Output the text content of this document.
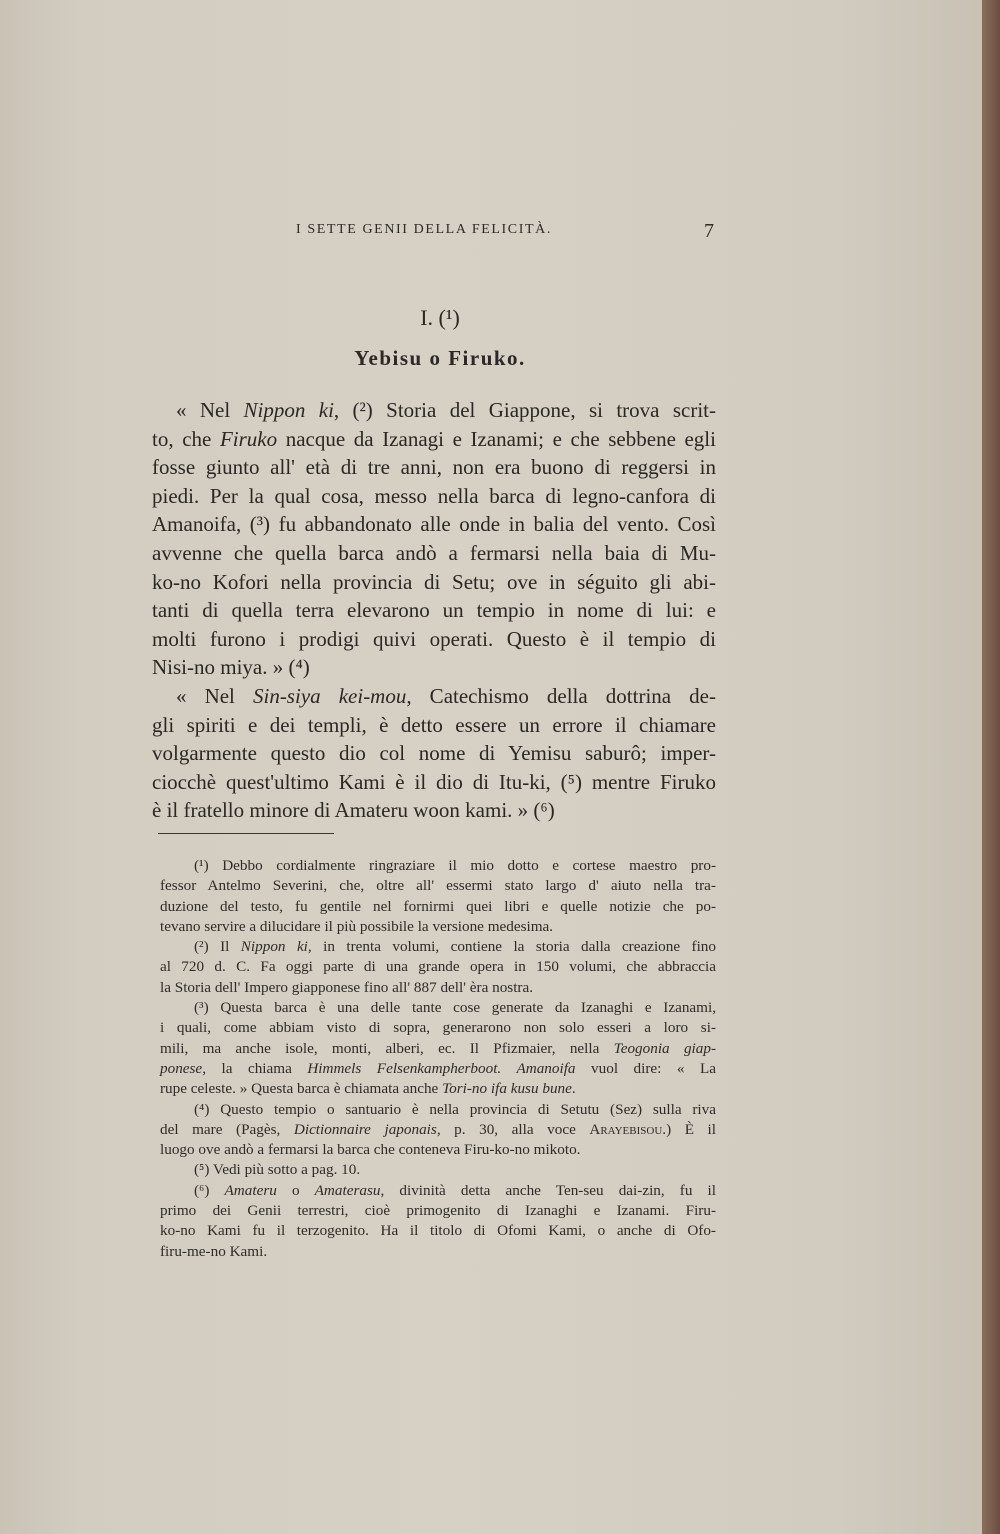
I SETTE GENII DELLA FELICITÀ.	7
I. (¹)
Yebisu o Firuko.
« Nel Nippon ki, (²) Storia del Giappone, si trova scrit-
to, che Firuko nacque da Izanagi e Izanami; e che sebbene egli
fosse giunto all' età di tre anni, non era buono di reggersi in
piedi. Per la qual cosa, messo nella barca di legno-canfora di
Amanoifa, (³) fu abbandonato alle onde in balia del vento. Così
avvenne che quella barca andò a fermarsi nella baia di Mu-
ko-no Kofori nella provincia di Setu; ove in séguito gli abi-
tanti di quella terra elevarono un tempio in nome di lui: e
molti furono i prodigi quivi operati. Questo è il tempio di
Nisi-no miya. » (⁴)
« Nel Sin-siya kei-mou, Catechismo della dottrina de-
gli spiriti e dei templi, è detto essere un errore il chiamare
volgarmente questo dio col nome di Yemisu saburô; imper-
ciocchè quest'ultimo Kami è il dio di Itu-ki, (⁵) mentre Firuko
è il fratello minore di Amateru woon kami. » (⁶)
(¹) Debbo cordialmente ringraziare il mio dotto e cortese maestro pro-
fessor Antelmo Severini, che, oltre all' essermi stato largo d' aiuto nella tra-
duzione del testo, fu gentile nel fornirmi quei libri e quelle notizie che po-
tevano servire a dilucidare il più possibile la versione medesima.
(²) Il Nippon ki, in trenta volumi, contiene la storia dalla creazione fino
al 720 d. C. Fa oggi parte di una grande opera in 150 volumi, che abbraccia
la Storia dell' Impero giapponese fino all' 887 dell' èra nostra.
(³) Questa barca è una delle tante cose generate da Izanaghi e Izanami,
i quali, come abbiam visto di sopra, generarono non solo esseri a loro si-
mili, ma anche isole, monti, alberi, ec. Il Pfizmaier, nella Teogonia giap-
ponese, la chiama Himmels Felsenkampherboot. Amanoifa vuol dire: « La
rupe celeste. » Questa barca è chiamata anche Tori-no ifa kusu bune.
(⁴) Questo tempio o santuario è nella provincia di Setutu (Sez) sulla riva
del mare (Pagès, Dictionnaire japonais, p. 30, alla voce Arayebisou.) È il
luogo ove andò a fermarsi la barca che conteneva Firu-ko-no mikoto.
(⁵) Vedi più sotto a pag. 10.
(⁶) Amateru o Amaterasu, divinità detta anche Ten-seu dai-zin, fu il
primo dei Genii terrestri, cioè primogenito di Izanaghi e Izanami. Firu-
ko-no Kami fu il terzogenito. Ha il titolo di Ofomi Kami, o anche di Ofo-
firu-me-no Kami.
